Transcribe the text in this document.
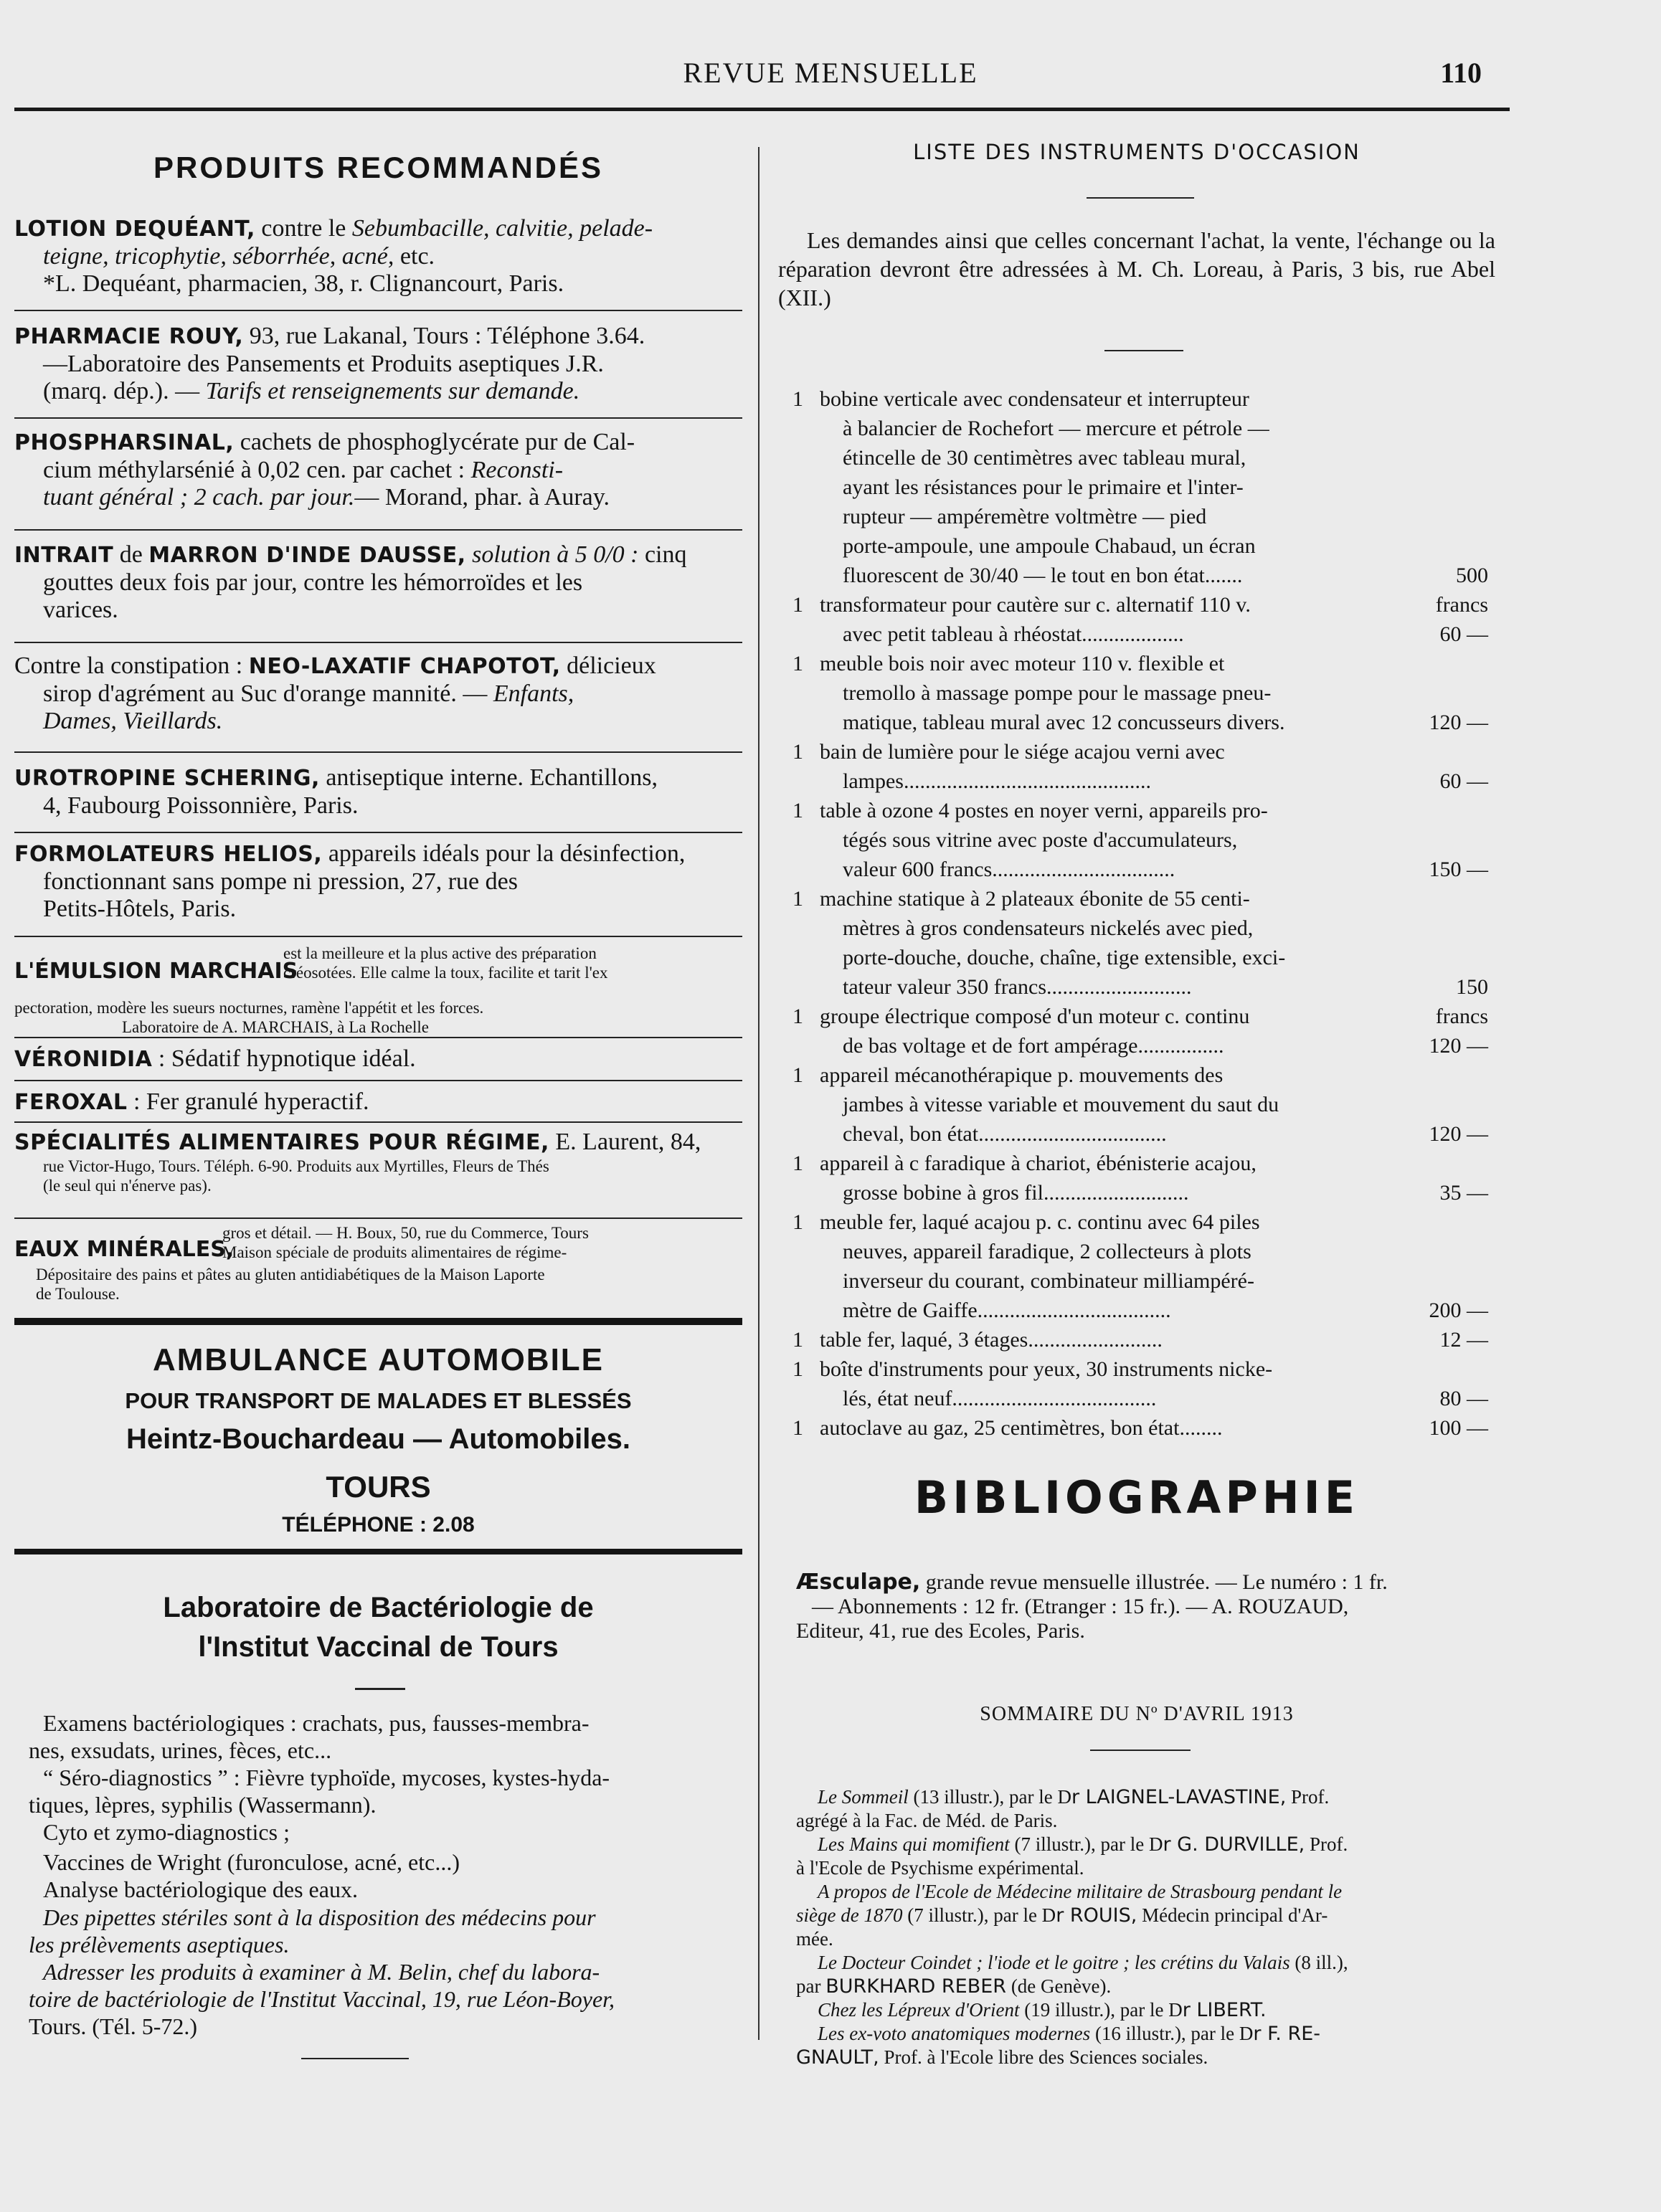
REVUE MENSUELLE	110
PRODUITS RECOMMANDÉS
LOTION DEQUÉANT, contre le Sebumbacille, calvitie, pelade-

teigne, tricophytie, séborrhée, acné, etc.
*L. Dequéant, pharmacien, 38, r. Clignancourt, Paris.
PHARMACIE ROUY, 93, rue Lakanal, Tours : Téléphone 3.64.

—Laboratoire des Pansements et Produits aseptiques J.R.
(marq. dép.). — Tarifs et renseignements sur demande.
PHOSPHARSINAL, cachets de phosphoglycérate pur de Cal-

cium méthylarsénié à 0,02 cen. par cachet : Reconsti-
tuant général ; 2 cach. par jour.— Morand, phar. à Auray.
INTRAIT de MARRON D'INDE DAUSSE, solution à 5 0/0 : cinq

gouttes deux fois par jour, contre les hémorroïdes et les
varices.
Contre la constipation : NEO-LAXATIF CHAPOTOT, délicieux

sirop d'agrément au Suc d'orange mannité. — Enfants,
Dames, Vieillards.
UROTROPINE SCHERING, antiseptique interne. Echantillons,

4, Faubourg Poissonnière, Paris.
FORMOLATEURS HELIOS, appareils idéals pour la désinfection,

fonctionnant sans pompe ni pression, 27, rue des
Petits-Hôtels, Paris.
L'ÉMULSION MARCHAIS
est la meilleure et la plus active des préparation
créosotées. Elle calme la toux, facilite et tarit l'ex
pectoration, modère les sueurs nocturnes, ramène l'appétit et les forces.
Laboratoire de A. MARCHAIS, à La Rochelle
VÉRONIDIA : Sédatif hypnotique idéal.
FEROXAL : Fer granulé hyperactif.
SPÉCIALITÉS ALIMENTAIRES POUR RÉGIME, E. Laurent, 84,

rue Victor-Hugo, Tours. Téléph. 6-90. Produits aux Myrtilles, Fleurs de Thés
(le seul qui n'énerve pas).
EAUX MINÉRALES,
gros et détail. — H. Boux, 50, rue du Commerce, Tours
Maison spéciale de produits alimentaires de régime-
Dépositaire des pains et pâtes au gluten antidiabétiques de la Maison Laporte
de Toulouse.
AMBULANCE AUTOMOBILE
POUR TRANSPORT DE MALADES ET BLESSÉS
Heintz-Bouchardeau — Automobiles.
TOURS
TÉLÉPHONE : 2.08
Laboratoire de Bactériologie de
l'Institut Vaccinal de Tours
Examens bactériologiques : crachats, pus, fausses-membra-
nes, exsudats, urines, fèces, etc...
“ Séro-diagnostics ” : Fièvre typhoïde, mycoses, kystes-hyda-
tiques, lèpres, syphilis (Wassermann).
Cyto et zymo-diagnostics ;
Vaccines de Wright (furonculose, acné, etc...)
Analyse bactériologique des eaux.
Des pipettes stériles sont à la disposition des médecins pour
les prélèvements aseptiques.
Adresser les produits à examiner à M. Belin, chef du labora-
toire de bactériologie de l'Institut Vaccinal, 19, rue Léon-Boyer,
Tours. (Tél. 5-72.)
LISTE DES INSTRUMENTS D'OCCASION
Les demandes ainsi que celles concernant l'achat, la vente, l'échange ou la réparation devront être adressées à M. Ch. Loreau, à Paris, 3 bis, rue Abel (XII.)
1 bobine verticale avec condensateur et interrupteur
à balancier de Rochefort — mercure et pétrole —
étincelle de 30 centimètres avec tableau mural,
ayant les résistances pour le primaire et l'inter-
rupteur — ampéremètre voltmètre — pied
porte-ampoule, une ampoule Chabaud, un écran
fluorescent de 30/40 — le tout en bon état.......	500 francs
1 transformateur pour cautère sur c. alternatif 110 v.
avec petit tableau à rhéostat...................	60 —
1 meuble bois noir avec moteur 110 v. flexible et
tremollo à massage pompe pour le massage pneu-
matique, tableau mural avec 12 concusseurs divers.	120 —
1 bain de lumière pour le siége acajou verni avec
lampes..............................................	60 —
1 table à ozone 4 postes en noyer verni, appareils pro-
tégés sous vitrine avec poste d'accumulateurs,
valeur 600 francs..................................	150 —
1 machine statique à 2 plateaux ébonite de 55 centi-
mètres à gros condensateurs nickelés avec pied,
porte-douche, douche, chaîne, tige extensible, exci-
tateur valeur 350 francs...........................	150 francs
1 groupe électrique composé d'un moteur c. continu
de bas voltage et de fort ampérage................	120 —
1 appareil mécanothérapique p. mouvements des
jambes à vitesse variable et mouvement du saut du
cheval, bon état...................................	120 —
1 appareil à c faradique à chariot, ébénisterie acajou,
grosse bobine à gros fil...........................	35 —
1 meuble fer, laqué acajou p. c. continu avec 64 piles
neuves, appareil faradique, 2 collecteurs à plots
inverseur du courant, combinateur milliampéré-
mètre de Gaiffe....................................	200 —
1 table fer, laqué, 3 étages.........................	12 —
1 boîte d'instruments pour yeux, 30 instruments nicke-
lés, état neuf......................................	80 —
1 autoclave au gaz, 25 centimètres, bon état........	100 —
BIBLIOGRAPHIE
Æsculape, grande revue mensuelle illustrée. — Le numéro : 1 fr.
— Abonnements : 12 fr. (Etranger : 15 fr.). — A. ROUZAUD,
Editeur, 41, rue des Ecoles, Paris.
SOMMAIRE DU Nº D'AVRIL 1913
Le Sommeil (13 illustr.), par le Dr LAIGNEL-LAVASTINE, Prof.
agrégé à la Fac. de Méd. de Paris.
Les Mains qui momifient (7 illustr.), par le Dr G. DURVILLE, Prof.
à l'Ecole de Psychisme expérimental.
A propos de l'Ecole de Médecine militaire de Strasbourg pendant le
siège de 1870 (7 illustr.), par le Dr ROUIS, Médecin principal d'Ar-
mée.
Le Docteur Coindet ; l'iode et le goitre ; les crétins du Valais (8 ill.),
par BURKHARD REBER (de Genève).
Chez les Lépreux d'Orient (19 illustr.), par le Dr LIBERT.
Les ex-voto anatomiques modernes (16 illustr.), par le Dr F. RE-
GNAULT, Prof. à l'Ecole libre des Sciences sociales.
